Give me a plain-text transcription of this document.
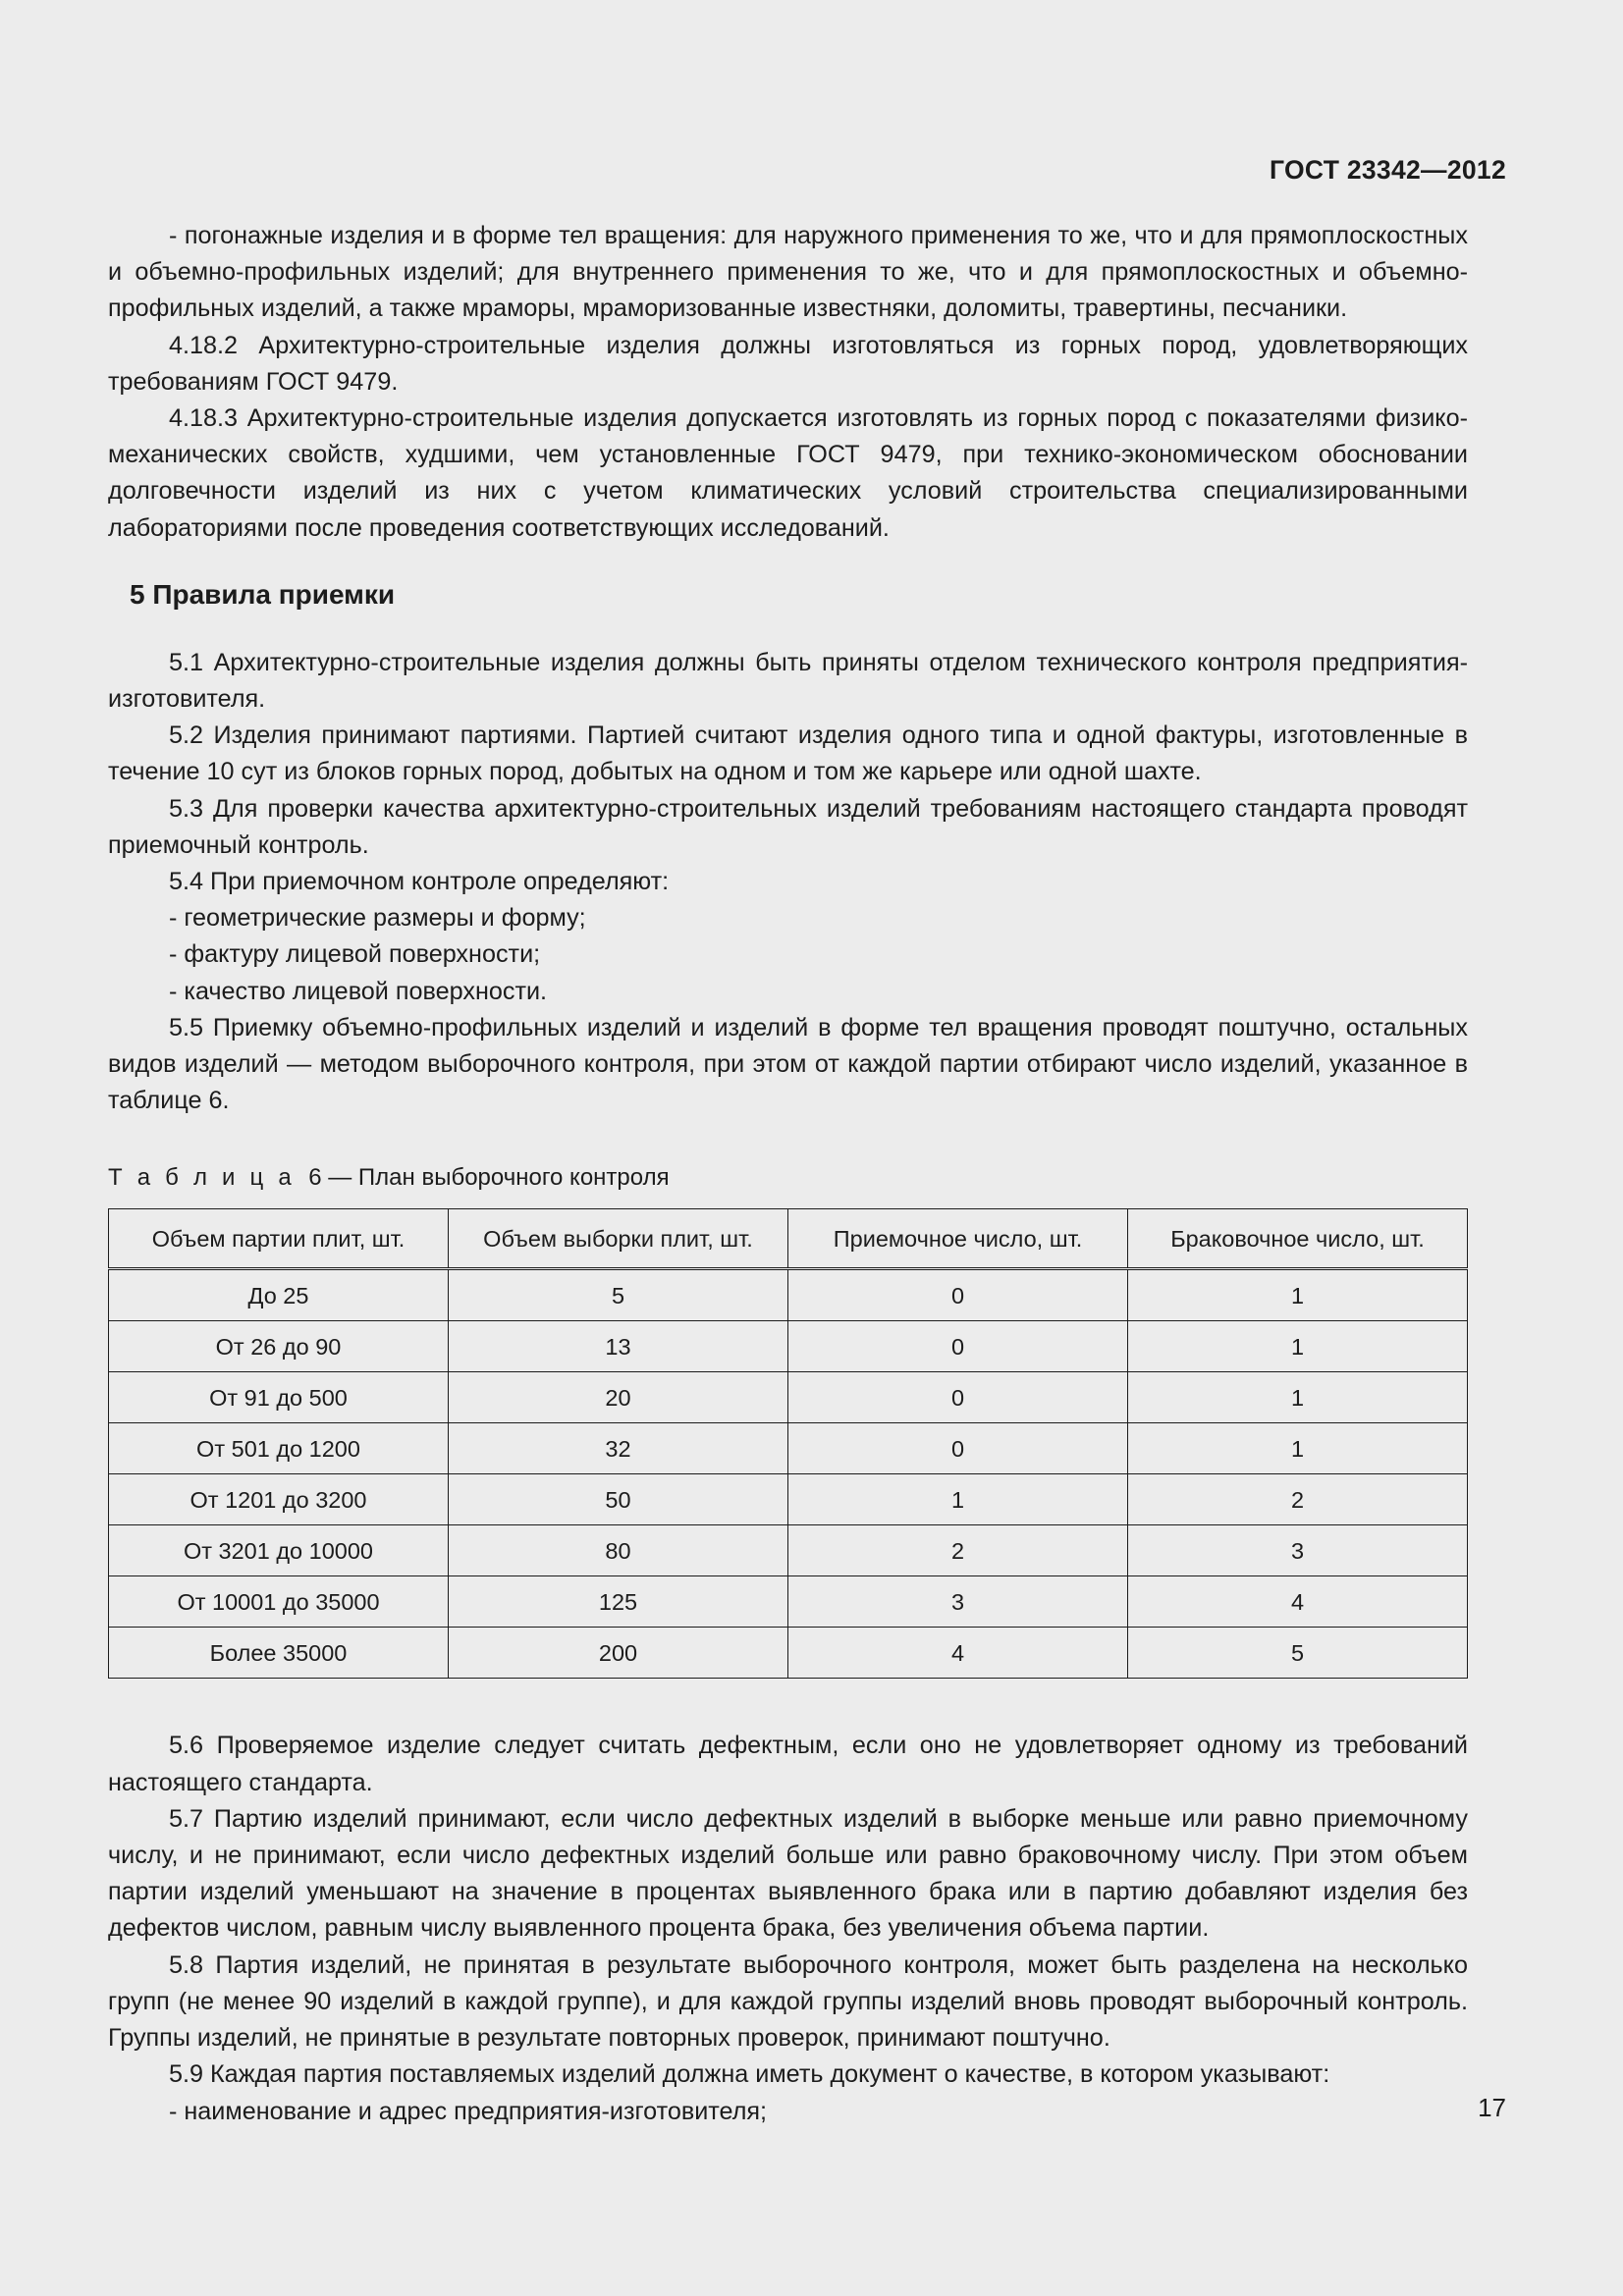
ГОСТ 23342—2012

- погонажные изделия и в форме тел вращения: для наружного применения то же, что и для прямоплоскостных и объемно-профильных изделий; для внутреннего применения то же, что и для прямоплоскостных и объемно-профильных изделий, а также мраморы, мраморизованные известняки, доломиты, травертины, песчаники.

4.18.2 Архитектурно-строительные изделия должны изготовляться из горных пород, удовлетворяющих требованиям ГОСТ 9479.

4.18.3 Архитектурно-строительные изделия допускается изготовлять из горных пород с показателями физико-механических свойств, худшими, чем установленные ГОСТ 9479, при технико-экономическом обосновании долговечности изделий из них с учетом климатических условий строительства специализированными лабораториями после проведения соответствующих исследований.

5 Правила приемки

5.1 Архитектурно-строительные изделия должны быть приняты отделом технического контроля предприятия-изготовителя.

5.2 Изделия принимают партиями. Партией считают изделия одного типа и одной фактуры, изготовленные в течение 10 сут из блоков горных пород, добытых на одном и том же карьере или одной шахте.

5.3 Для проверки качества архитектурно-строительных изделий требованиям настоящего стандарта проводят приемочный контроль.

5.4 При приемочном контроле определяют:

- геометрические размеры и форму;

- фактуру лицевой поверхности;

- качество лицевой поверхности.

5.5 Приемку объемно-профильных изделий и изделий в форме тел вращения проводят поштучно, остальных видов изделий — методом выборочного контроля, при этом от каждой партии отбирают число изделий, указанное в таблице 6.

Т а б л и ц а 6 — План выборочного контроля

Объем партии плит, шт.	Объем выборки плит, шт.	Приемочное число, шт.	Браковочное число, шт.
До 25	5	0	1
От 26 до 90	13	0	1
От 91 до 500	20	0	1
От 501 до 1200	32	0	1
От 1201 до 3200	50	1	2
От 3201 до 10000	80	2	3
От 10001 до 35000	125	3	4
Более 35000	200	4	5

5.6 Проверяемое изделие следует считать дефектным, если оно не удовлетворяет одному из требований настоящего стандарта.

5.7 Партию изделий принимают, если число дефектных изделий в выборке меньше или равно приемочному числу, и не принимают, если число дефектных изделий больше или равно браковочному числу. При этом объем партии изделий уменьшают на значение в процентах выявленного брака или в партию добавляют изделия без дефектов числом, равным числу выявленного процента брака, без увеличения объема партии.

5.8 Партия изделий, не принятая в результате выборочного контроля, может быть разделена на несколько групп (не менее 90 изделий в каждой группе), и для каждой группы изделий вновь проводят выборочный контроль. Группы изделий, не принятые в результате повторных проверок, принимают поштучно.

5.9 Каждая партия поставляемых изделий должна иметь документ о качестве, в котором указывают:

- наименование и адрес предприятия-изготовителя;	17
